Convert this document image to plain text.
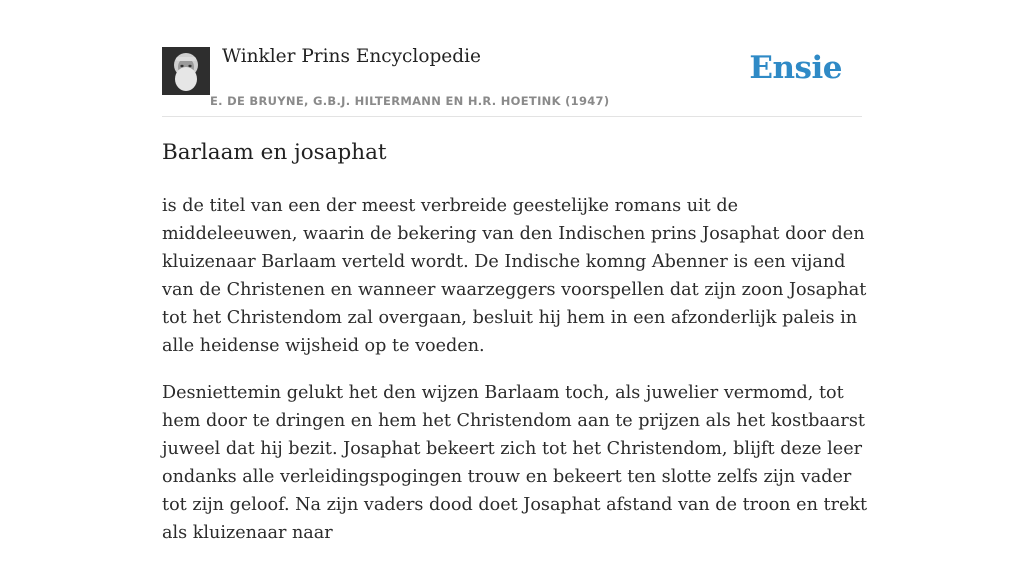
Winkler Prins Encyclopedie
E. DE BRUYNE, G.B.J. HILTERMANN EN H.R. HOETINK (1947)
Ensie
Barlaam en josaphat

is de titel van een der meest verbreide geestelijke romans uit de middeleeuwen, waarin de bekering van den Indischen prins Josaphat door den kluizenaar Barlaam verteld wordt. De Indische komng Abenner is een vijand van de Christenen en wanneer waarzeggers voorspellen dat zijn zoon Josaphat tot het Christendom zal overgaan, besluit hij hem in een afzonderlijk paleis in alle heidense wijsheid op te voeden.

Desniettemin gelukt het den wijzen Barlaam toch, als juwelier vermomd, tot hem door te dringen en hem het Christendom aan te prijzen als het kostbaarst juweel dat hij bezit. Josaphat bekeert zich tot het Christendom, blijft deze leer ondanks alle verleidingspogingen trouw en bekeert ten slotte zelfs zijn vader tot zijn geloof. Na zijn vaders dood doet Josaphat afstand van de troon en trekt als kluizenaar naar
